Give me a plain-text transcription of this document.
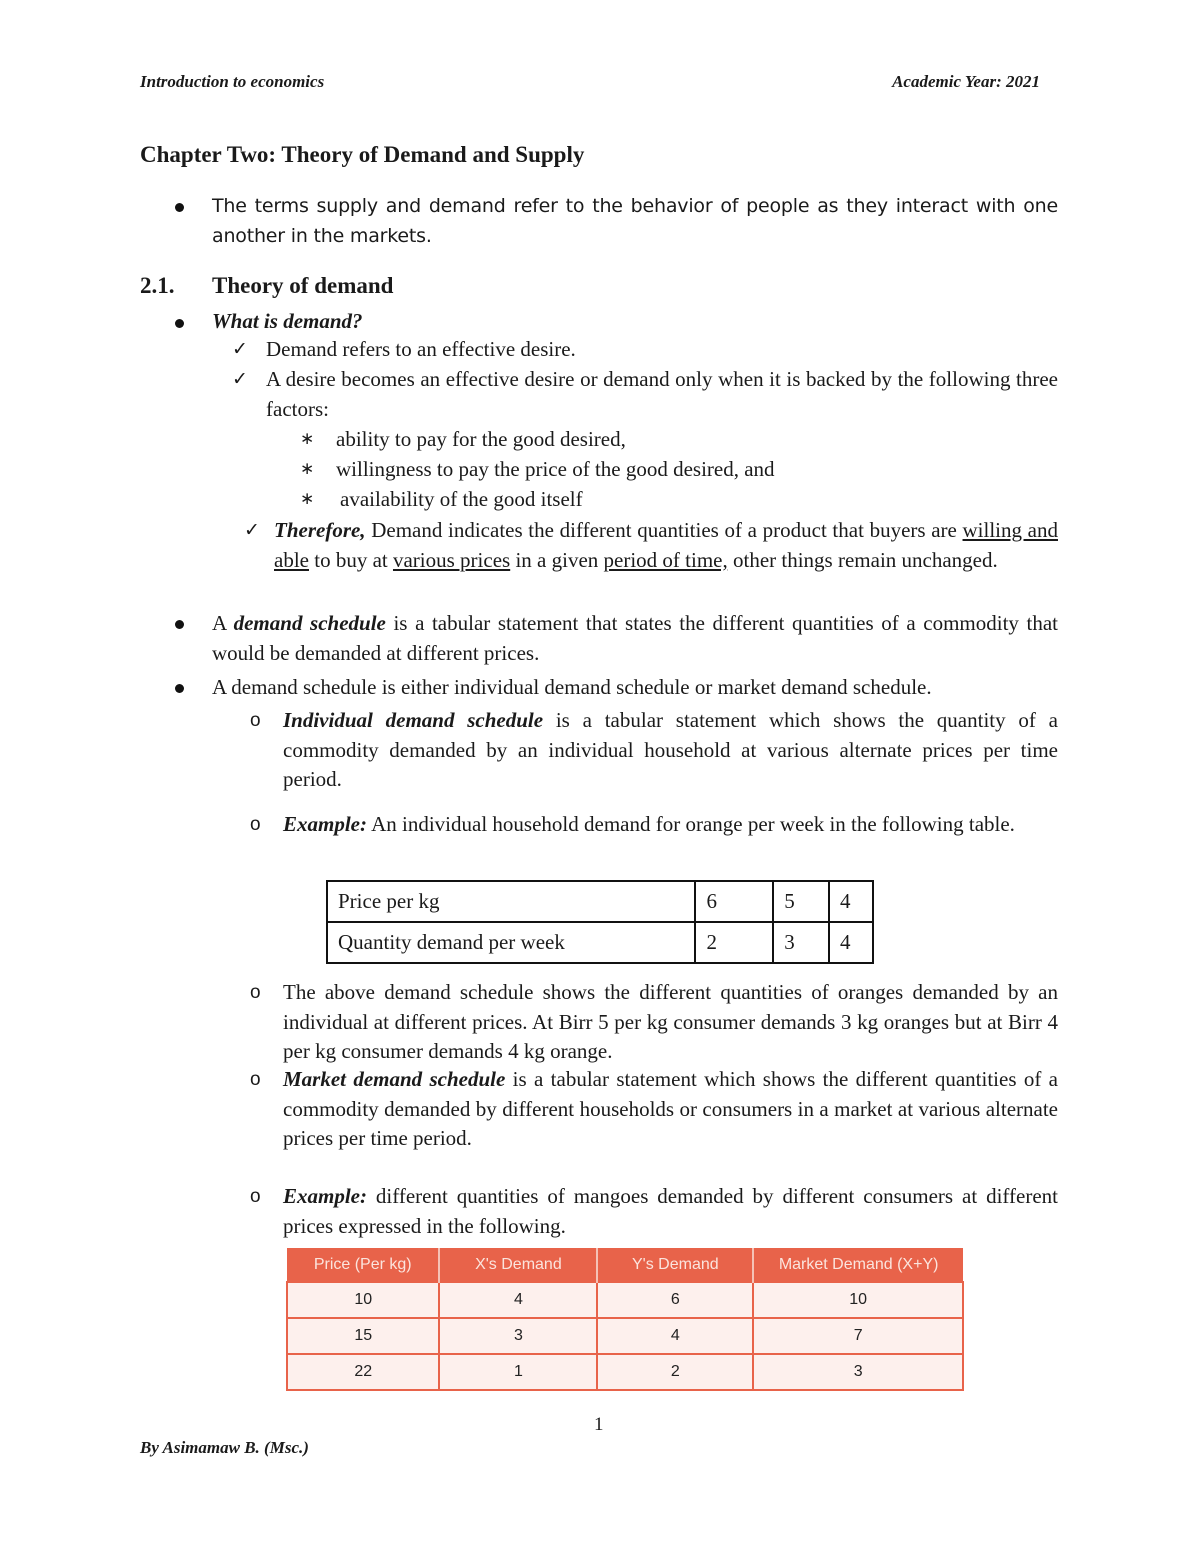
Introduction to economics	Academic Year: 2021
Chapter Two: Theory of Demand and Supply
The terms supply and demand refer to the behavior of people as they interact with one another in the markets.
2.1. Theory of demand
What is demand?
✓ Demand refers to an effective desire.
✓ A desire becomes an effective desire or demand only when it is backed by the following three factors:
∗ ability to pay for the good desired,
∗ willingness to pay the price of the good desired, and
∗ availability of the good itself
✓ Therefore, Demand indicates the different quantities of a product that buyers are willing and able to buy at various prices in a given period of time, other things remain unchanged.
A demand schedule is a tabular statement that states the different quantities of a commodity that would be demanded at different prices.
A demand schedule is either individual demand schedule or market demand schedule.
o Individual demand schedule is a tabular statement which shows the quantity of a commodity demanded by an individual household at various alternate prices per time period.
o Example: An individual household demand for orange per week in the following table.
Price per kg	6	5	4
Quantity demand per week	2	3	4
o The above demand schedule shows the different quantities of oranges demanded by an individual at different prices. At Birr 5 per kg consumer demands 3 kg oranges but at Birr 4 per kg consumer demands 4 kg orange.
o Market demand schedule is a tabular statement which shows the different quantities of a commodity demanded by different households or consumers in a market at various alternate prices per time period.
o Example: different quantities of mangoes demanded by different consumers at different prices expressed in the following.
Price (Per kg)	X's Demand	Y's Demand	Market Demand (X+Y)
10	4	6	10
15	3	4	7
22	1	2	3
1
By Asimamaw B. (Msc.)
